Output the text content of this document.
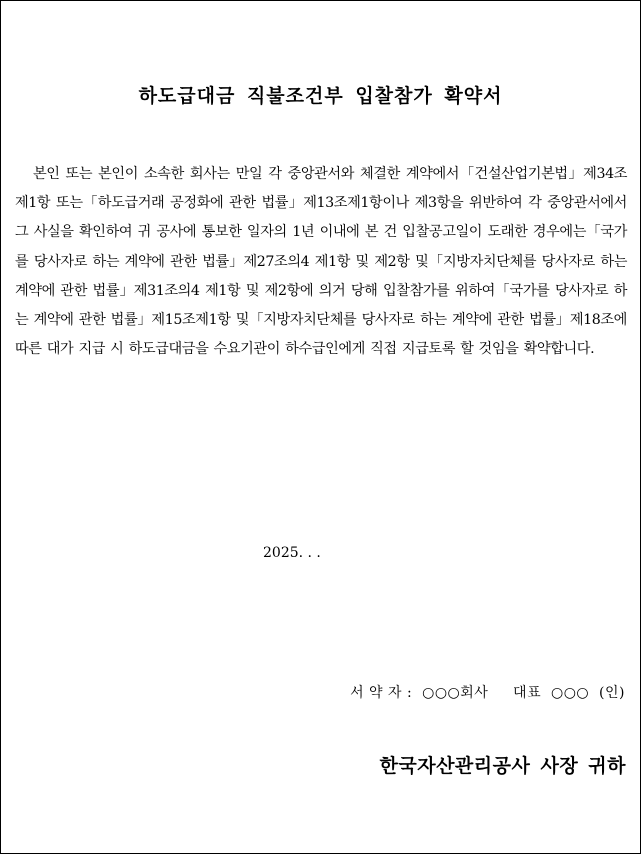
하도급대금 직불조건부 입찰참가 확약서

본인 또는 본인이 소속한 회사는 만일 각 중앙관서와 체결한 계약에서「건설산업기본법」제34조제1항 또는「하도급거래 공정화에 관한 법률」제13조제1항이나 제3항을 위반하여 각 중앙관서에서 그 사실을 확인하여 귀 공사에 통보한 일자의 1년 이내에 본 건 입찰공고일이 도래한 경우에는「국가를 당사자로 하는 계약에 관한 법률」제27조의4 제1항 및 제2항 및「지방자치단체를 당사자로 하는 계약에 관한 법률」제31조의4 제1항 및 제2항에 의거 당해 입찰참가를 위하여「국가를 당사자로 하는 계약에 관한 법률」제15조제1항 및「지방자치단체를 당사자로 하는 계약에 관한 법률」제18조에 따른 대가 지급 시 하도급대금을 수요기관이 하수급인에게 직접 지급토록 할 것임을 확약합니다.

2025. . .
서 약 자 :  ○○○회사     대표  ○○○  (인)
한국자산관리공사 사장 귀하
